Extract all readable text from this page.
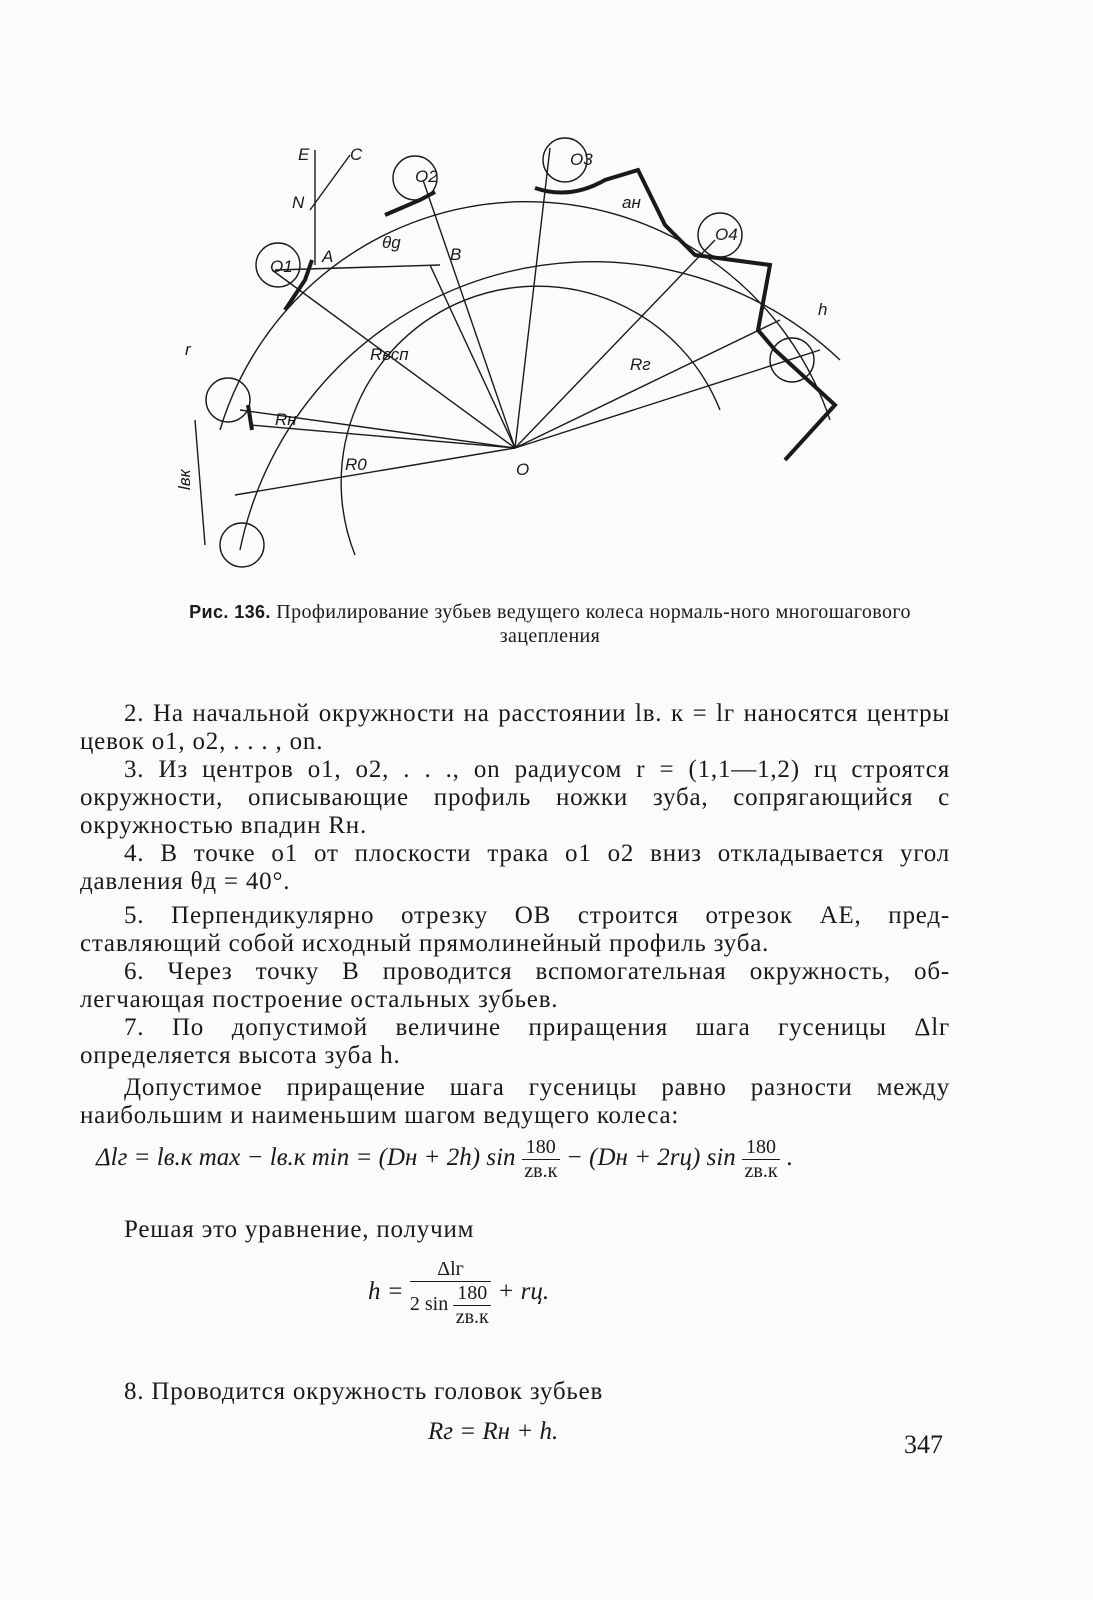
E C
N
O1
O2
O3
O4
A	B
θg
O
r
aн
h
Rвсп
Rг
Rн
R0
lвк
Рис. 136. Профилирование зубьев ведущего колеса нормаль-ного многошагового зацепления
2. На начальной окружности на расстоянии lв. к = lг наносятся центры цевок o1, o2, . . . , on.
3. Из центров o1, o2, . . ., on радиусом r = (1,1—1,2) rц строятся окружности, описывающие профиль ножки зуба, сопрягающийся с окружностью впадин Rн.
4. В точке o1 от плоскости трака o1 o2 вниз откладывается угол давления θд = 40°.
5. Перпендикулярно отрезку OB строится отрезок AE, пред-ставляющий собой исходный прямолинейный профиль зуба.
6. Через точку B проводится вспомогательная окружность, об-легчающая построение остальных зубьев.
7. По допустимой величине приращения шага гусеницы Δlг определяется высота зуба h.
Допустимое приращение шага гусеницы равно разности между наибольшим и наименьшим шагом ведущего колеса:
Δlг = lв.к max − lв.к min = (Dн + 2h) $\sin \frac{180}{zв.к} - (Dн + 2rц)$ $\sin \frac{180}{zв.к}$ .
Решая это уравнение, получим
$h = \frac{\text{Δlг}}{2 \sin \frac{180}{zв.к}}$ + rц.
8. Проводится окружность головок зубьев
Rг = Rн + h.	347
